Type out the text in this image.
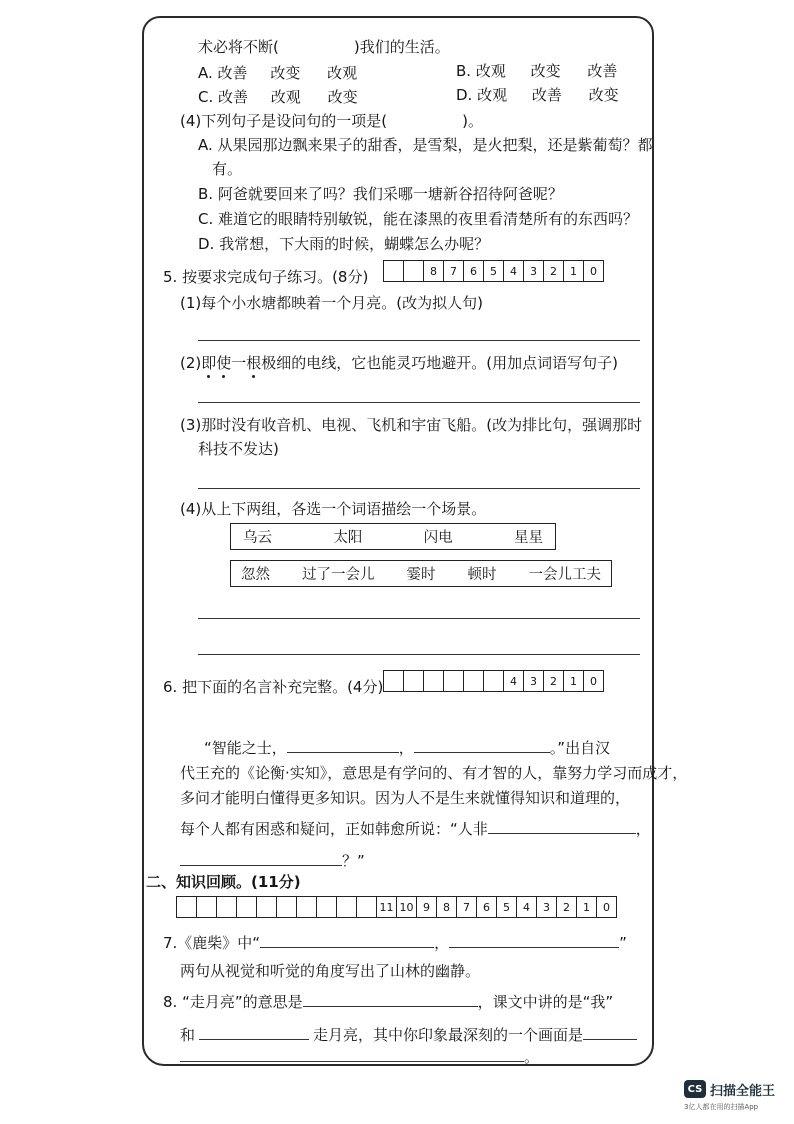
术必将不断(　　　　　)我们的生活。
A. 改善 改变 改观	B. 改观 改变 改善
C. 改善 改观 改变	D. 改观 改善 改变
(4)下列句子是设问句的一项是(　　　　　)。
A. 从果园那边飘来果子的甜香，是雪梨，是火把梨，还是紫葡萄？都
有。
B. 阿爸就要回来了吗？我们采哪一塘新谷招待阿爸呢？
C. 难道它的眼睛特别敏锐，能在漆黑的夜里看清楚所有的东西吗？
D. 我常想，下大雨的时候，蝴蝶怎么办呢？
5. 按要求完成句子练习。(8分)	8	7	6	5	4	3	2	1	0
(1)每个小水塘都映着一个月亮。(改为拟人句)
(2)即使一根极细的电线，它也能灵巧地避开。(用加点词语写句子)
(3)那时没有收音机、电视、飞机和宇宙飞船。(改为排比句，强调那时
科技不发达)
(4)从上下两组，各选一个词语描绘一个场景。
乌云	太阳	闪电	星星
忽然 过了一会儿 霎时 顿时 一会儿工夫
6. 把下面的名言补充完整。(4分)	4	3	2	1	0
“智能之士，	，	。”出自汉
代王充的《论衡·实知》，意思是有学问的、有才智的人，靠努力学习而成才，
多问才能明白懂得更多知识。因为人不是生来就懂得知识和道理的，
每个人都有困惑和疑问，正如韩愈所说：“人非	，
？”
二、知识回顾。(11分)
11 10 9	8	7	6	5	4	3	2	1	0
7.《鹿柴》中“	，	”
两句从视觉和听觉的角度写出了山林的幽静。
8. “走月亮”的意思是	，课文中讲的是“我”
和	走月亮，其中你印象最深刻的一个画面是
。
CS 扫描全能王
3亿人都在用的扫描App
